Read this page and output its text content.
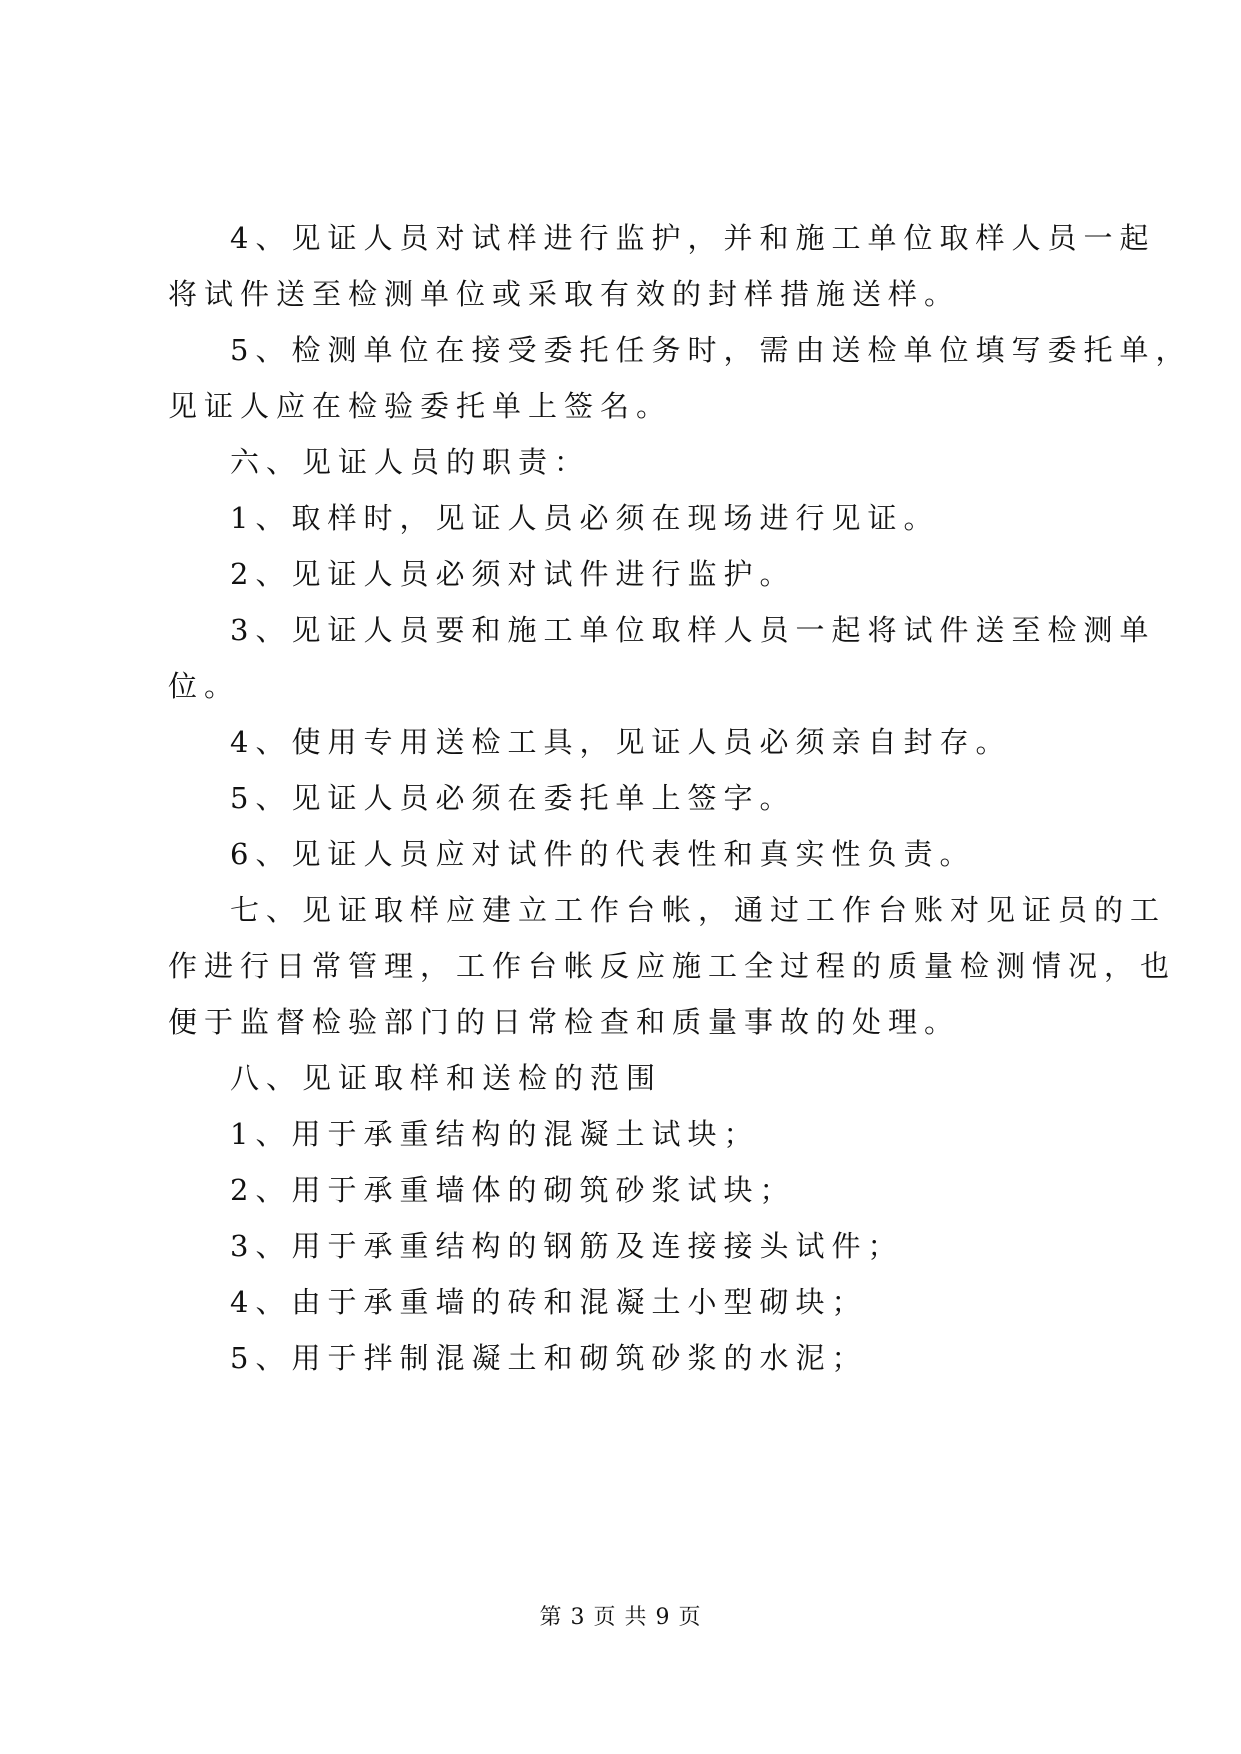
4、见证人员对试样进行监护，并和施工单位取样人员一起
将试件送至检测单位或采取有效的封样措施送样。
5、检测单位在接受委托任务时，需由送检单位填写委托单，
见证人应在检验委托单上签名。
六、见证人员的职责：
1、取样时，见证人员必须在现场进行见证。
2、见证人员必须对试件进行监护。
3、见证人员要和施工单位取样人员一起将试件送至检测单
位。
4、使用专用送检工具，见证人员必须亲自封存。
5、见证人员必须在委托单上签字。
6、见证人员应对试件的代表性和真实性负责。
七、见证取样应建立工作台帐，通过工作台账对见证员的工
作进行日常管理，工作台帐反应施工全过程的质量检测情况，也
便于监督检验部门的日常检查和质量事故的处理。
八、见证取样和送检的范围
1、用于承重结构的混凝土试块；
2、用于承重墙体的砌筑砂浆试块；
3、用于承重结构的钢筋及连接接头试件；
4、由于承重墙的砖和混凝土小型砌块；
5、用于拌制混凝土和砌筑砂浆的水泥；
第 3 页 共 9 页
